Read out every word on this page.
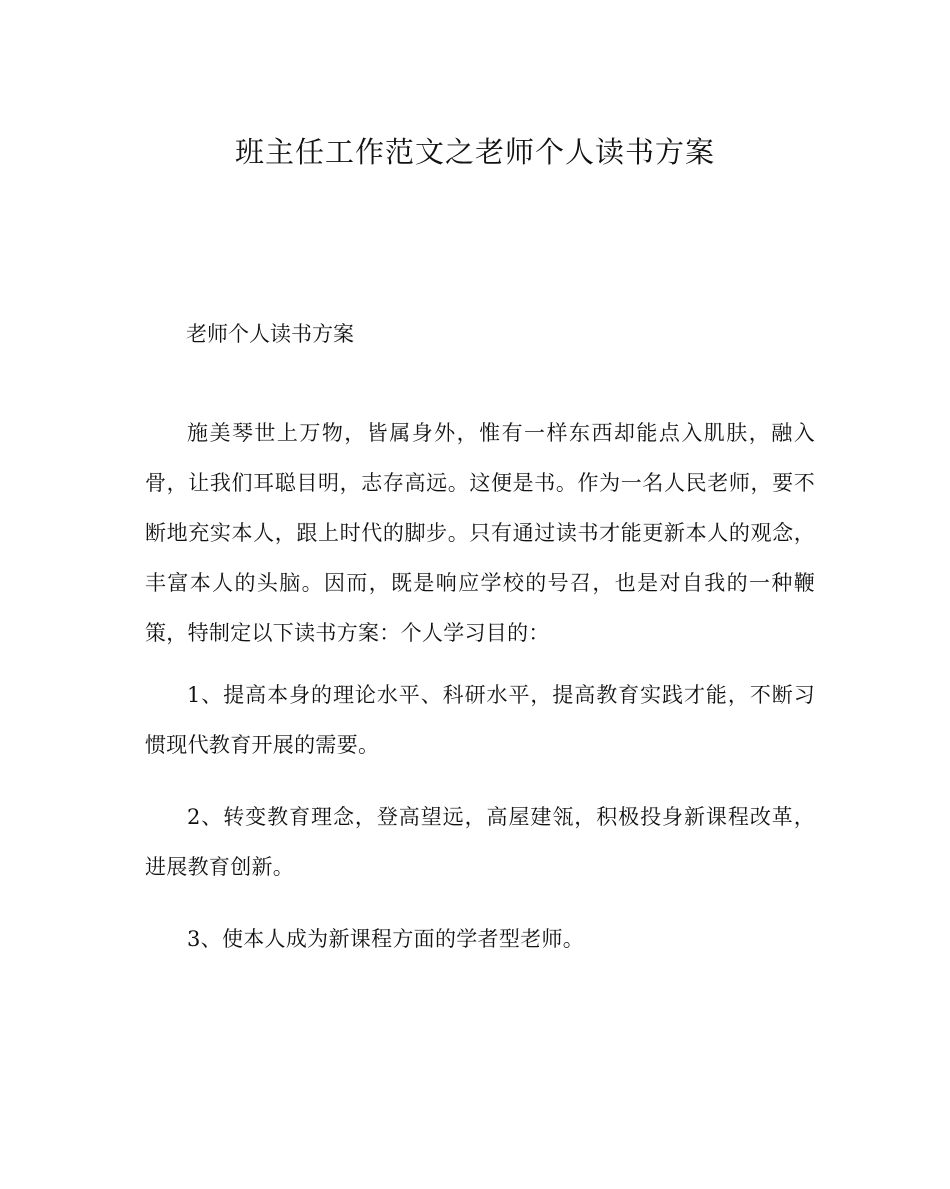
班主任工作范文之老师个人读书方案

老师个人读书方案

施美琴世上万物，皆属身外，惟有一样东西却能点入肌肤，融入骨，让我们耳聪目明，志存高远。这便是书。作为一名人民老师，要不断地充实本人，跟上时代的脚步。只有通过读书才能更新本人的观念，丰富本人的头脑。因而，既是响应学校的号召，也是对自我的一种鞭策，特制定以下读书方案：个人学习目的：

1、提高本身的理论水平、科研水平，提高教育实践才能，不断习惯现代教育开展的需要。

2、转变教育理念，登高望远，高屋建瓴，积极投身新课程改革，进展教育创新。

3、使本人成为新课程方面的学者型老师。
